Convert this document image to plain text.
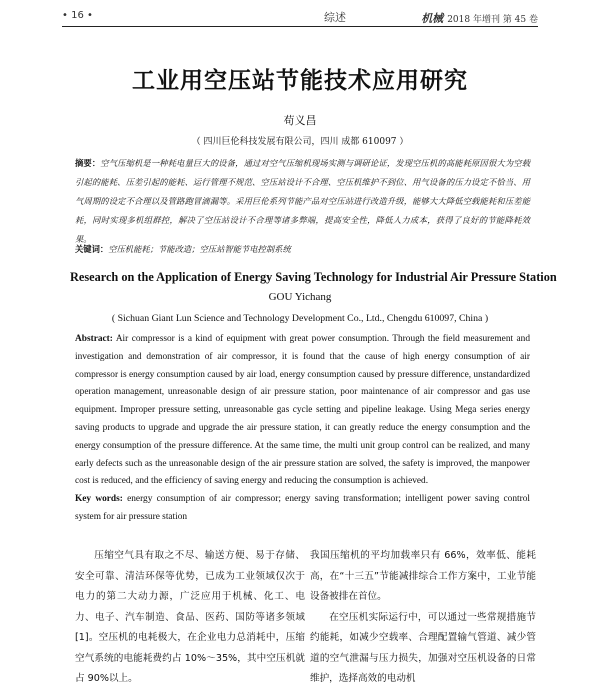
• 16 •	综述	机械 2018 年增刊 第 45 卷
工业用空压站节能技术应用研究
苟义昌
（ 四川巨伦科技发展有限公司，四川 成都 610097 ）
摘要：空气压缩机是一种耗电量巨大的设备，通过对空气压缩机现场实测与调研论证，发现空压机的高能耗原因很大为空载引起的能耗、压差引起的能耗、运行管理不规范、空压站设计不合理、空压机维护不到位、用气设备的压力设定不恰当、用气周期的设定不合理以及管路跑冒滴漏等。采用巨伦系列节能产品对空压站进行改造升级，能够大大降低空载能耗和压差能耗，同时实现多机组群控，解决了空压站设计不合理等诸多弊端，提高安全性，降低人力成本，获得了良好的节能降耗效果。
关键词：空压机能耗；节能改造；空压站智能节电控制系统
Research on the Application of Energy Saving Technology for Industrial Air Pressure Station
GOU Yichang
( Sichuan Giant Lun Science and Technology Development Co., Ltd., Chengdu 610097, China )
Abstract: Air compressor is a kind of equipment with great power consumption. Through the field measurement and investigation and demonstration of air compressor, it is found that the cause of high energy consumption of air compressor is energy consumption caused by air load, energy consumption caused by pressure difference, unstandardized operation management, unreasonable design of air pressure station, poor maintenance of air compressor and gas use equipment. Improper pressure setting, unreasonable gas cycle setting and pipeline leakage. Using Mega series energy saving products to upgrade and upgrade the air pressure station, it can greatly reduce the energy consumption and the energy consumption of the pressure difference. At the same time, the multi unit group control can be realized, and many early defects such as the unreasonable design of the air pressure station are solved, the safety is improved, the manpower cost is reduced, and the efficiency of saving energy and reducing the consumption is achieved.
Key words: energy consumption of air compressor; energy saving transformation; intelligent power saving control system for air pressure station

压缩空气具有取之不尽、输送方便、易于存储、安全可靠、清洁环保等优势，已成为工业领域仅次于电力的第二大动力源，广泛应用于机械、化工、电力、电子、汽车制造、食品、医药、国防等诸多领域[1]。空压机的电耗极大，在企业电力总消耗中，压缩空气系统的电能耗费约占 10%～35%，其中空压机就占 90%以上。

我国压缩机的平均加载率只有 66%，效率低、能耗高，在“十三五”节能减排综合工作方案中，工业节能设备被排在首位。

在空压机实际运行中，可以通过一些常规措施节约能耗，如减少空载率、合理配置输气管道、减少管道的空气泄漏与压力损失，加强对空压机设备的日常维护，选择高效的电动机
